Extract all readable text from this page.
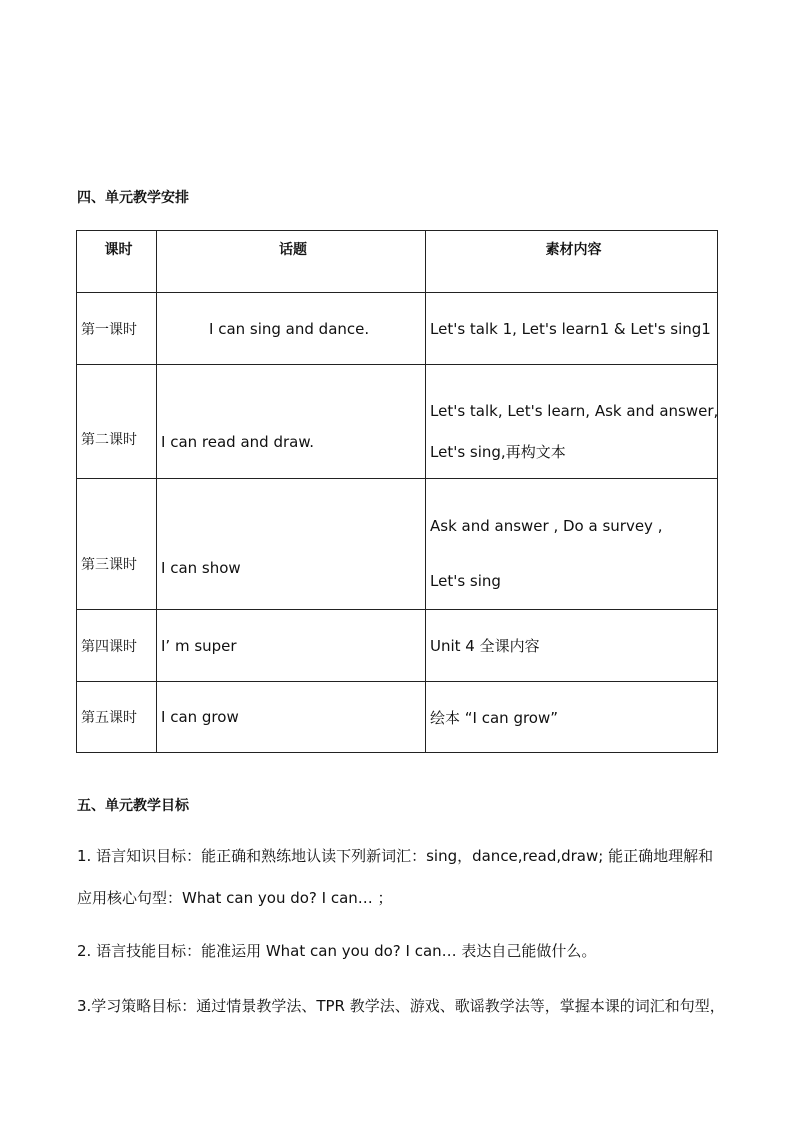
四、单元教学安排
课时	话题	素材内容
第一课时	I can sing and dance.	Let's talk 1, Let's learn1 & Let's sing1

第二课时	I can read and draw.	Let's talk, Let's learn, Ask and answer,
Let's sing,再构文本

第三课时	I can show	Ask and answer , Do a survey ,
Let's sing

第四课时	I’ m super	Unit 4 全课内容

第五课时	I can grow	绘本 “I can grow”
五、单元教学目标
1. 语言知识目标：能正确和熟练地认读下列新词汇：sing，dance,read,draw; 能正确地理解和
应用核心句型：What can you do? I can… ；
2. 语言技能目标：能准运用 What can you do? I can… 表达自己能做什么。
3.学习策略目标：通过情景教学法、TPR 教学法、游戏、歌谣教学法等，掌握本课的词汇和句型，
